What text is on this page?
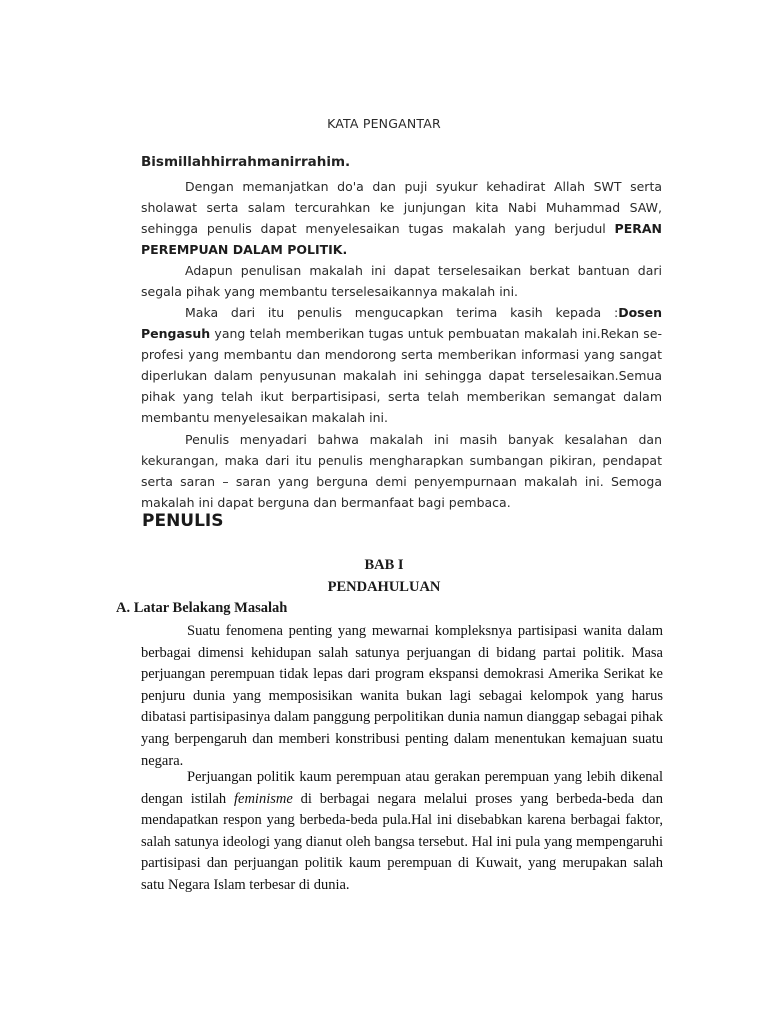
KATA PENGANTAR
Bismillahhirrahmanirrahim.

Dengan memanjatkan do'a dan puji syukur kehadirat Allah SWT serta sholawat serta salam tercurahkan ke junjungan kita Nabi Muhammad SAW, sehingga penulis dapat menyelesaikan tugas makalah yang berjudul PERAN PEREMPUAN DALAM POLITIK.

Adapun penulisan makalah ini dapat terselesaikan berkat bantuan dari segala pihak yang membantu terselesaikannya makalah ini.

Maka dari itu penulis mengucapkan terima kasih kepada :Dosen Pengasuh yang telah memberikan tugas untuk pembuatan makalah ini.Rekan se-profesi yang membantu dan mendorong serta memberikan informasi yang sangat diperlukan dalam penyusunan makalah ini sehingga dapat terselesaikan.Semua pihak yang telah ikut berpartisipasi, serta telah memberikan semangat dalam membantu menyelesaikan makalah ini.

Penulis menyadari bahwa makalah ini masih banyak kesalahan dan kekurangan, maka dari itu penulis mengharapkan sumbangan pikiran, pendapat serta saran – saran yang berguna demi penyempurnaan makalah ini. Semoga makalah ini dapat berguna dan bermanfaat bagi pembaca.

PENULIS
BAB I
PENDAHULUAN
A. Latar Belakang Masalah

Suatu fenomena penting yang mewarnai kompleksnya partisipasi wanita dalam berbagai dimensi kehidupan salah satunya perjuangan di bidang partai politik. Masa perjuangan perempuan tidak lepas dari program ekspansi demokrasi Amerika Serikat ke penjuru dunia yang memposisikan wanita bukan lagi sebagai kelompok yang harus dibatasi partisipasinya dalam panggung perpolitikan dunia namun dianggap sebagai pihak yang berpengaruh dan memberi konstribusi penting dalam menentukan kemajuan suatu negara.

Perjuangan politik kaum perempuan atau gerakan perempuan yang lebih dikenal dengan istilah feminisme di berbagai negara melalui proses yang berbeda-beda dan mendapatkan respon yang berbeda-beda pula.Hal ini disebabkan karena berbagai faktor, salah satunya ideologi yang dianut oleh bangsa tersebut. Hal ini pula yang mempengaruhi partisipasi dan perjuangan politik kaum perempuan di Kuwait, yang merupakan salah satu Negara Islam terbesar di dunia.
